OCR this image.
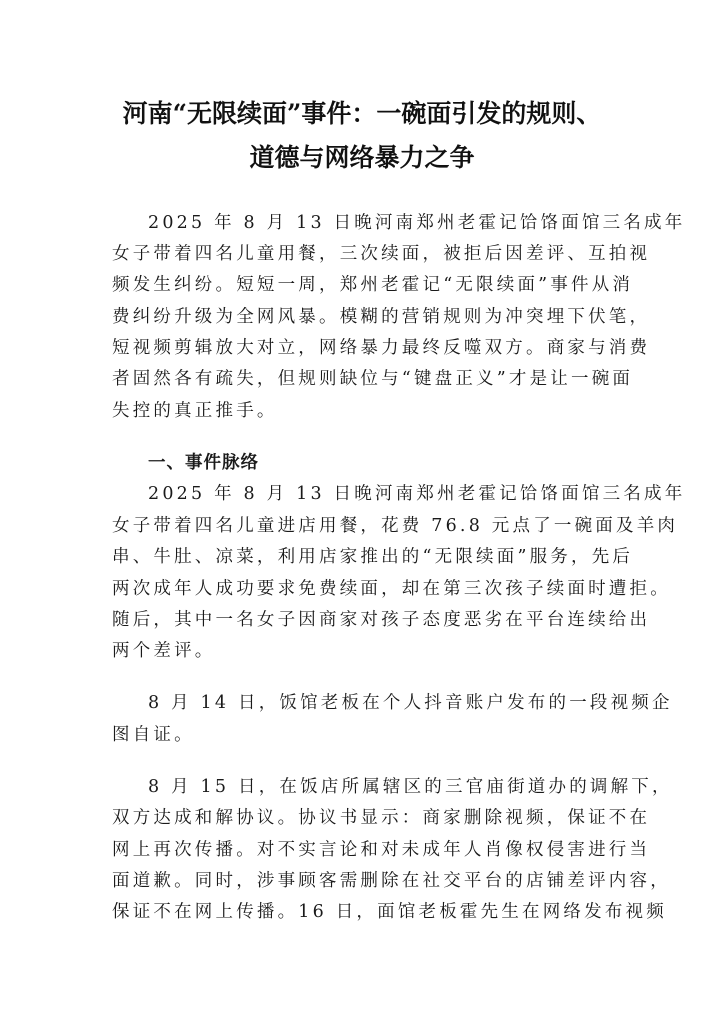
河南“无限续面”事件：一碗面引发的规则、
道德与网络暴力之争
2025 年 8 月 13 日晚河南郑州老霍记饸饹面馆三名成年
女子带着四名儿童用餐，三次续面，被拒后因差评、互拍视
频发生纠纷。短短一周，郑州老霍记“无限续面”事件从消
费纠纷升级为全网风暴。模糊的营销规则为冲突埋下伏笔，
短视频剪辑放大对立，网络暴力最终反噬双方。商家与消费
者固然各有疏失，但规则缺位与“键盘正义”才是让一碗面
失控的真正推手。
一、事件脉络
2025 年 8 月 13 日晚河南郑州老霍记饸饹面馆三名成年
女子带着四名儿童进店用餐，花费 76.8 元点了一碗面及羊肉
串、牛肚、凉菜，利用店家推出的“无限续面”服务，先后
两次成年人成功要求免费续面，却在第三次孩子续面时遭拒。
随后，其中一名女子因商家对孩子态度恶劣在平台连续给出
两个差评。
8 月 14 日，饭馆老板在个人抖音账户发布的一段视频企
图自证。
8 月 15 日，在饭店所属辖区的三官庙街道办的调解下，
双方达成和解协议。协议书显示：商家删除视频，保证不在
网上再次传播。对不实言论和对未成年人肖像权侵害进行当
面道歉。同时，涉事顾客需删除在社交平台的店铺差评内容，
保证不在网上传播。16 日，面馆老板霍先生在网络发布视频
